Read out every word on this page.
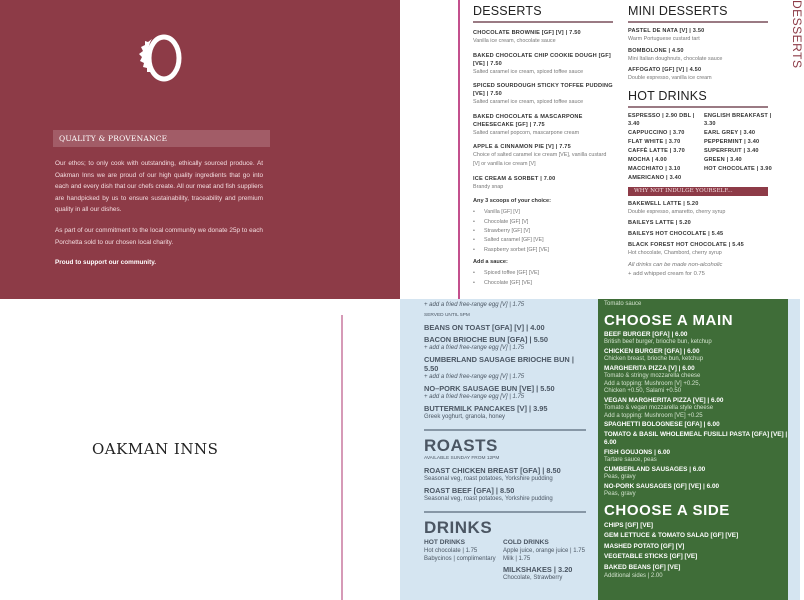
QUALITY & PROVENANCE

Our ethos; to only cook with outstanding, ethically sourced produce. At Oakman Inns we are proud of our high quality ingredients that go into each and every dish that our chefs create. All our meat and fish suppliers are handpicked by us to ensure sustainability, traceability and premium quality in all our dishes.

As part of our commitment to the local community we donate 25p to each Porchetta sold to our chosen local charity.

Proud to support our community.

DESSERTS
CHOCOLATE BROWNIE [GF] [V] | 7.50
Vanilla ice cream, chocolate sauce
BAKED CHOCOLATE CHIP COOKIE DOUGH [GF] [VE] | 7.50
Salted caramel ice cream, spiced toffee sauce
SPICED SOURDOUGH STICKY TOFFEE PUDDING [VE] | 7.50
Salted caramel ice cream, spiced toffee sauce
BAKED CHOCOLATE & MASCARPONE CHEESECAKE [GF] | 7.75
Salted caramel popcorn, mascarpone cream
APPLE & CINNAMON PIE [V] | 7.75
Choice of salted caramel ice cream [VE], vanilla custard [V] or vanilla ice cream [V]
ICE CREAM & SORBET | 7.00
Brandy snap
Any 3 scoops of your choice:
• Vanilla [GF] [V]
• Chocolate [GF] [V]
• Strawberry [GF] [V]
• Salted caramel [GF] [VE]
• Raspberry sorbet [GF] [VE]
Add a sauce:
• Spiced toffee [GF] [VE]
• Chocolate [GF] [VE]
MINI DESSERTS
PASTEL DE NATA [V] | 3.50
Warm Portuguese custard tart
BOMBOLONE | 4.50
Mini Italian doughnuts, chocolate sauce
AFFOGATO [GF] [V] | 4.50
Double espresso, vanilla ice cream
HOT DRINKS
ESPRESSO | 2.90 DBL | 3.40
CAPPUCCINO | 3.70
FLAT WHITE | 3.70
CAFFÈ LATTE | 3.70
MOCHA | 4.00
MACCHIATO | 3.10
AMERICANO | 3.40
ENGLISH BREAKFAST | 3.30
EARL GREY | 3.40
PEPPERMINT | 3.40
SUPERFRUIT | 3.40
GREEN | 3.40
HOT CHOCOLATE | 3.90
WHY NOT INDULGE YOURSELF...
BAKEWELL LATTE | 5.20
Double espresso, amaretto, cherry syrup
BAILEYS LATTE | 5.20
BAILEYS HOT CHOCOLATE | 5.45
BLACK FOREST HOT CHOCOLATE | 5.45
Hot chocolate, Chambord, cherry syrup
All drinks can be made non-alcoholic
+ add whipped cream for 0.75
DESSERTS
OAKMAN INNS
+ add a fried free-range egg [V] | 1.75
SERVED UNTIL 5PM
BEANS ON TOAST [GFA] [V] | 4.00
BACON BRIOCHE BUN [GFA] | 5.50
+ add a fried free-range egg [V] | 1.75
CUMBERLAND SAUSAGE BRIOCHE BUN | 5.50
+ add a fried free-range egg [V] | 1.75
NO–PORK SAUSAGE BUN [VE] | 5.50
+ add a fried free-range egg [V] | 1.75
BUTTERMILK PANCAKES [V] | 3.95
Greek yoghurt, granola, honey
ROASTS
AVAILABLE SUNDAY FROM 12PM
ROAST CHICKEN BREAST [GFA] | 8.50
Seasonal veg, roast potatoes, Yorkshire pudding
ROAST BEEF [GFA] | 8.50
Seasonal veg, roast potatoes, Yorkshire pudding
DRINKS
HOT DRINKS
Hot chocolate | 1.75
Babycinos | complimentary
COLD DRINKS
Apple juice, orange juice | 1.75
Milk | 1.75
MILKSHAKES | 3.20
Chocolate, Strawberry
Tomato sauce
CHOOSE A MAIN
BEEF BURGER [GFA] | 6.00
British beef burger, brioche bun, ketchup
CHICKEN BURGER [GFA] | 6.00
Chicken breast, brioche bun, ketchup
MARGHERITA PIZZA [V] | 6.00
Tomato & stringy mozzarella cheese
Add a topping: Mushroom [V] +0.25,
Chicken +0.50, Salami +0.50
VEGAN MARGHERITA PIZZA [VE] | 6.00
Tomato & vegan mozzarella style cheese
Add a topping: Mushroom [VE] +0.25
SPAGHETTI BOLOGNESE [GFA] | 6.00
TOMATO & BASIL WHOLEMEAL FUSILLI PASTA [GFA] [VE] | 6.00
FISH GOUJONS | 6.00
Tartare sauce, peas
CUMBERLAND SAUSAGES | 6.00
Peas, gravy
NO-PORK SAUSAGES [GF] [VE] | 6.00
Peas, gravy
CHOOSE A SIDE
CHIPS [GF] [VE]
GEM LETTUCE & TOMATO SALAD [GF] [VE]
MASHED POTATO [GF] [V]
VEGETABLE STICKS [GF] [VE]
BAKED BEANS [GF] [VE]
Additional sides | 2.00
